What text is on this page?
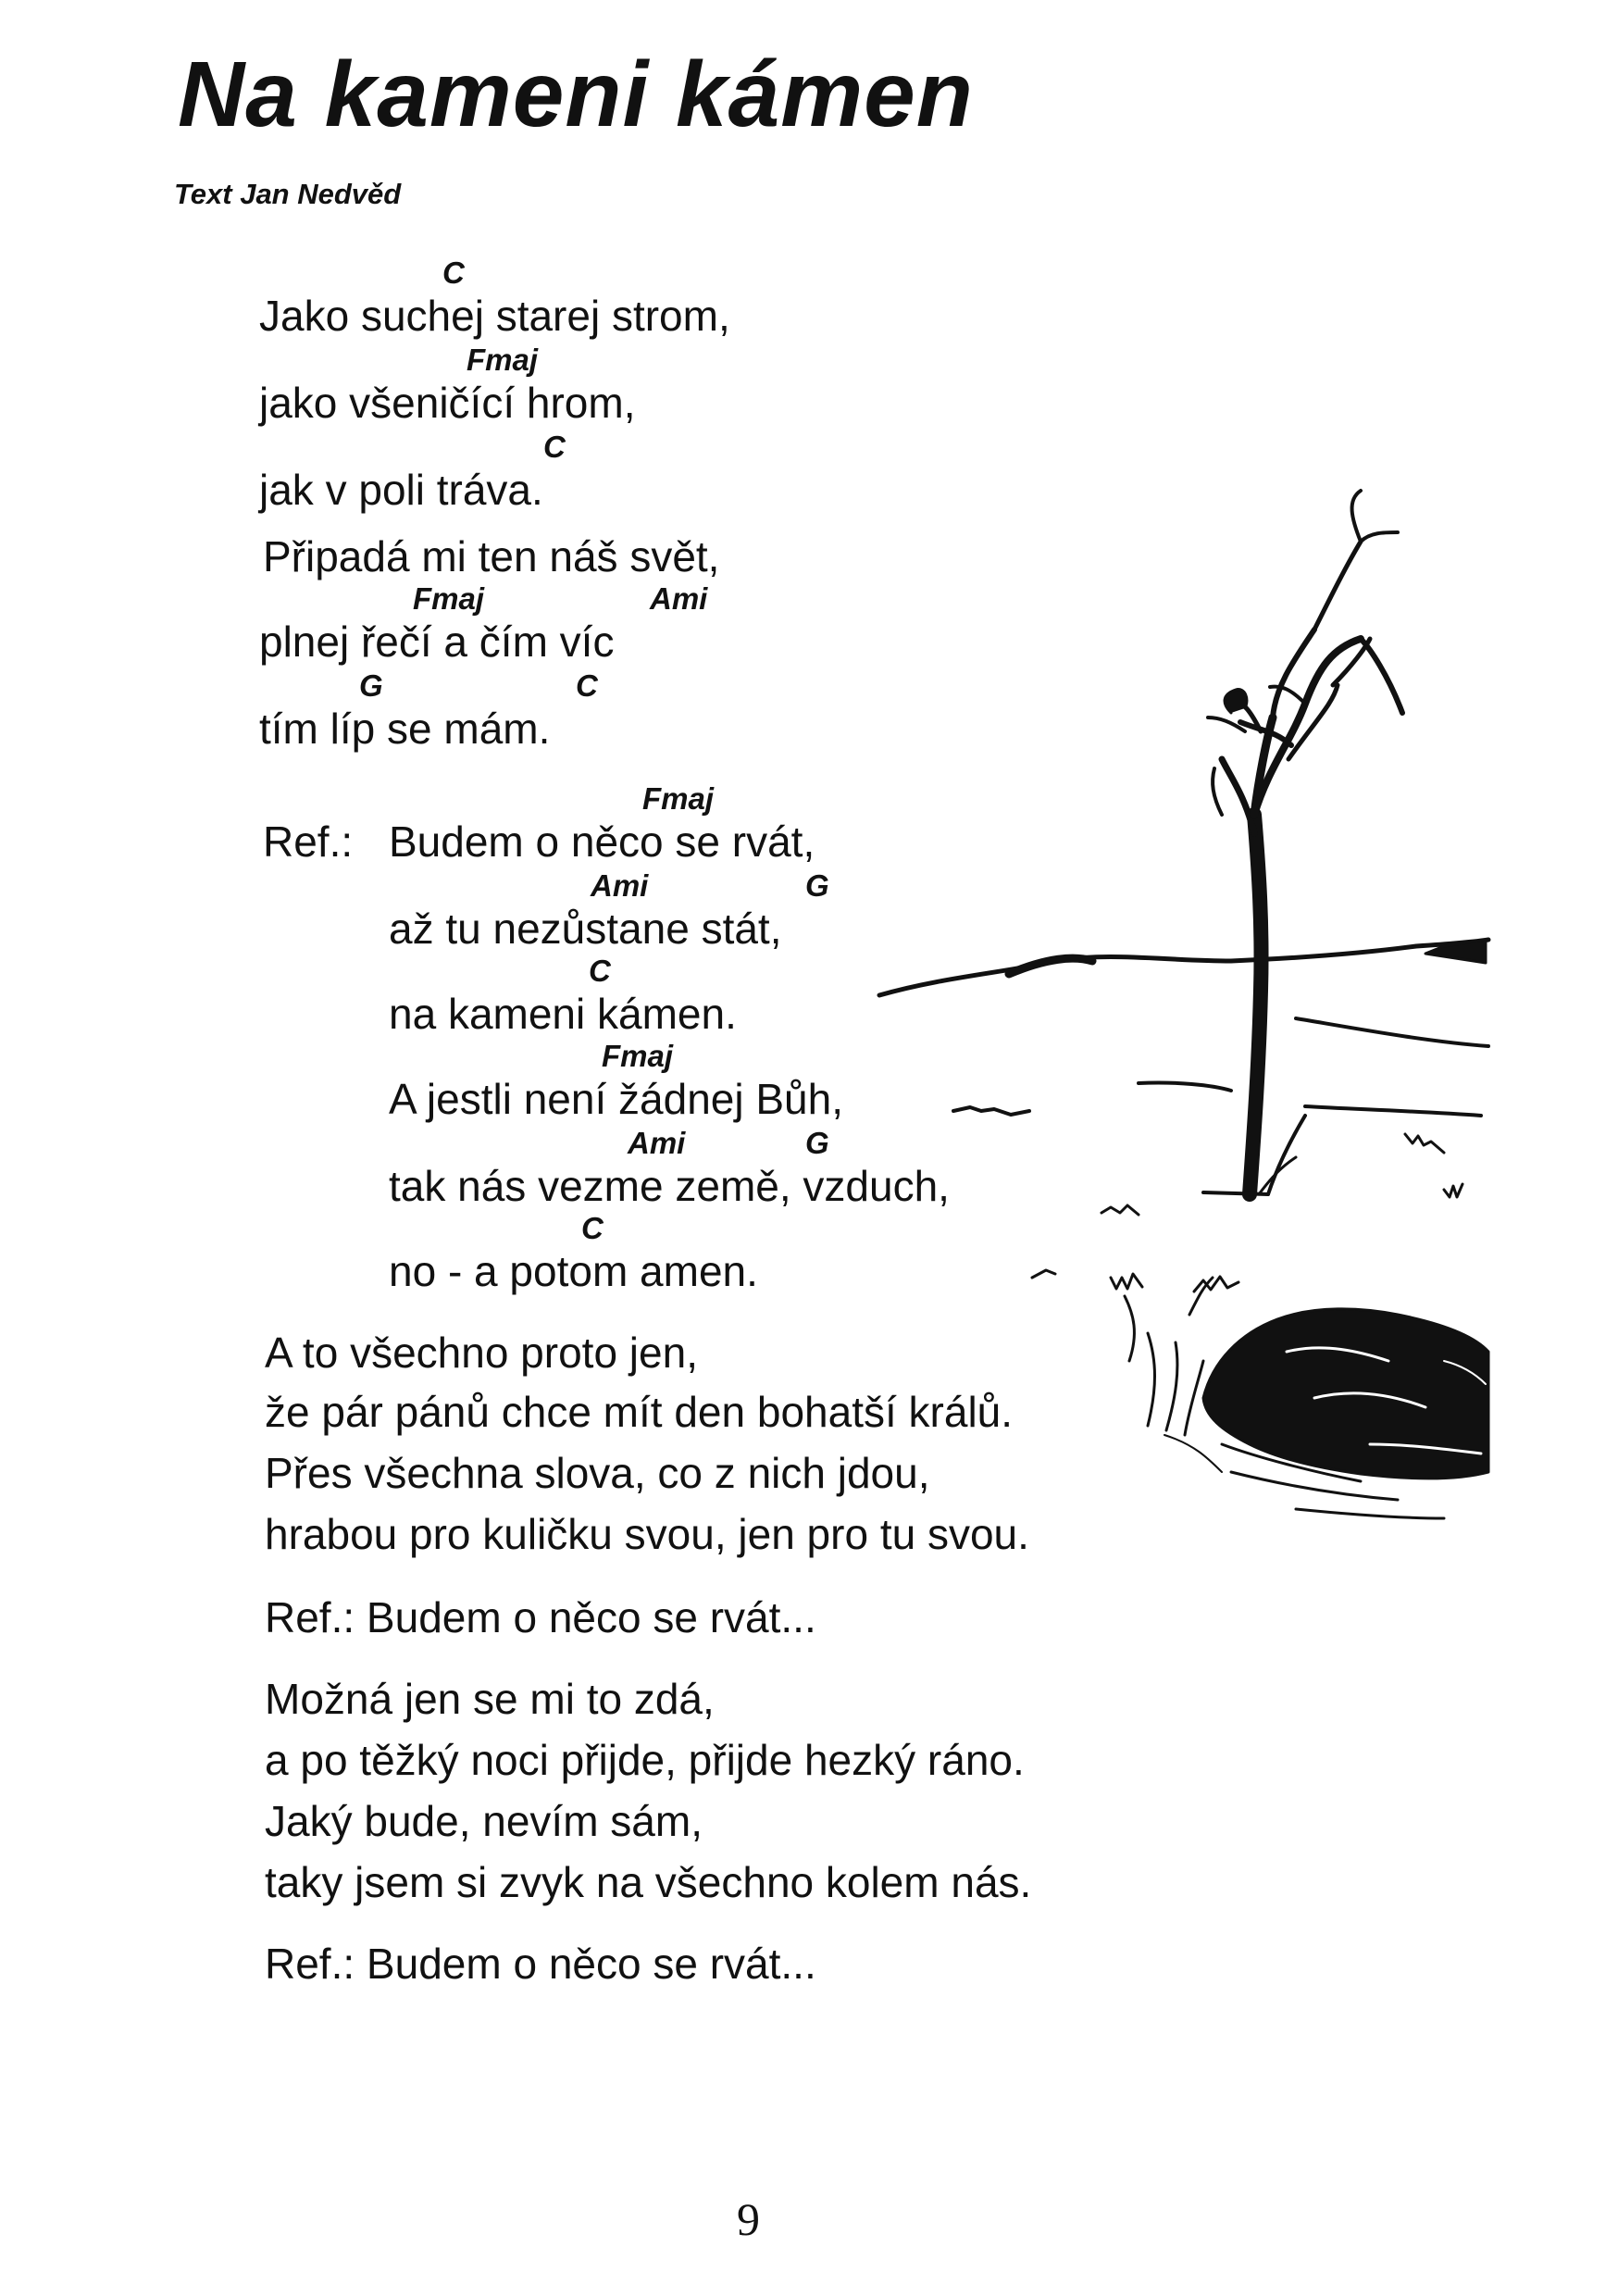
Na kameni kámen
Text Jan Nedvěd
C
Fmaj
C
Fmaj	Ami
G	C
Jako suchej starej strom,
jako všeničící hrom,
jak v poli tráva.
Připadá mi ten náš svět,
plnej řečí a čím víc
tím líp se mám.
Fmaj
Ref.: Budem o něco se rvát,
Ami	G
až tu nezůstane stát,
C
na kameni kámen.
Fmaj
A jestli není žádnej Bůh,
Ami	G
tak nás vezme země, vzduch,
C
no - a potom amen.
A to všechno proto jen,
že pár pánů chce mít den bohatší králů.
Přes všechna slova, co z nich jdou,
hrabou pro kuličku svou, jen pro tu svou.
Ref.: Budem o něco se rvát...
Možná jen se mi to zdá,
a po těžký noci přijde, přijde hezký ráno.
Jaký bude, nevím sám,
taky jsem si zvyk na všechno kolem nás.
Ref.: Budem o něco se rvát...
9
